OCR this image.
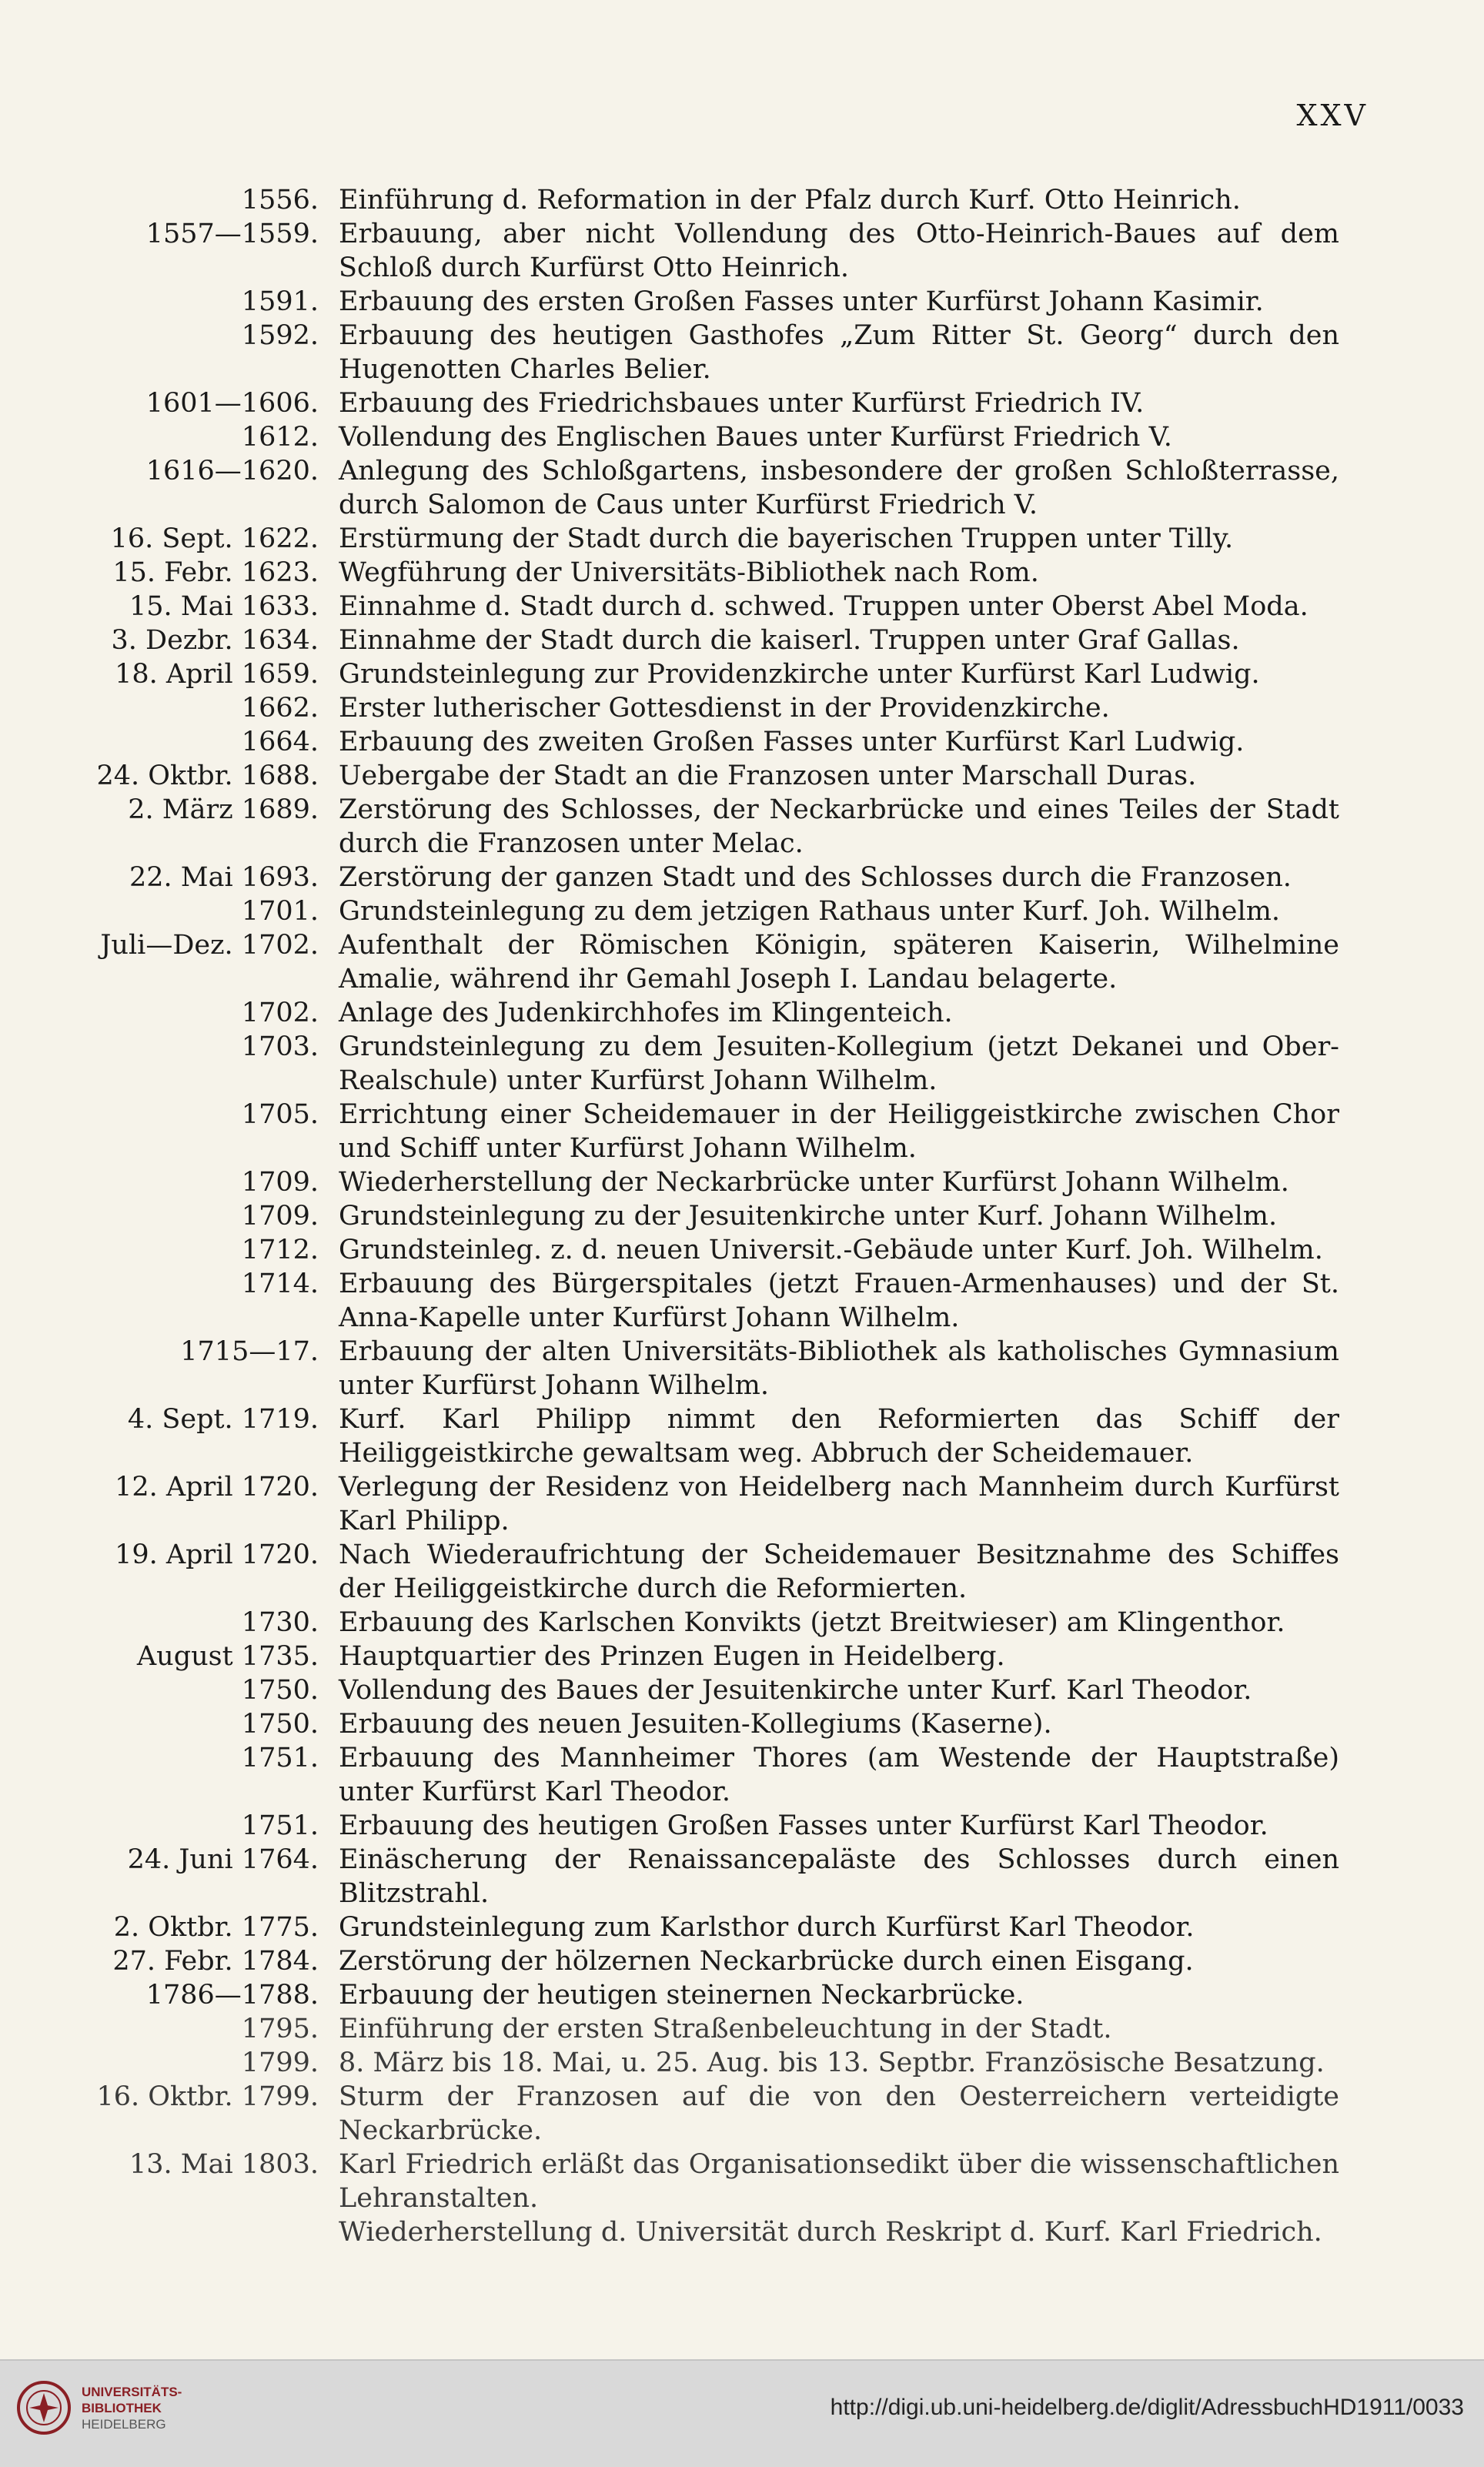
XXV
1556. Einführung d. Reformation in der Pfalz durch Kurf. Otto Heinrich.
1557—1559. Erbauung, aber nicht Vollendung des Otto-Heinrich-Baues auf dem Schloß durch Kurfürst Otto Heinrich.
1591. Erbauung des ersten Großen Fasses unter Kurfürst Johann Kasimir.
1592. Erbauung des heutigen Gasthofes „Zum Ritter St. Georg“ durch den Hugenotten Charles Belier.
1601—1606. Erbauung des Friedrichsbaues unter Kurfürst Friedrich IV.
1612. Vollendung des Englischen Baues unter Kurfürst Friedrich V.
1616—1620. Anlegung des Schloßgartens, insbesondere der großen Schloßterrasse, durch Salomon de Caus unter Kurfürst Friedrich V.
16. Sept. 1622. Erstürmung der Stadt durch die bayerischen Truppen unter Tilly.
15. Febr. 1623. Wegführung der Universitäts-Bibliothek nach Rom.
15. Mai 1633. Einnahme d. Stadt durch d. schwed. Truppen unter Oberst Abel Moda.
3. Dezbr. 1634. Einnahme der Stadt durch die kaiserl. Truppen unter Graf Gallas.
18. April 1659. Grundsteinlegung zur Providenzkirche unter Kurfürst Karl Ludwig.
1662. Erster lutherischer Gottesdienst in der Providenzkirche.
1664. Erbauung des zweiten Großen Fasses unter Kurfürst Karl Ludwig.
24. Oktbr. 1688. Uebergabe der Stadt an die Franzosen unter Marschall Duras.
2. März 1689. Zerstörung des Schlosses, der Neckarbrücke und eines Teiles der Stadt durch die Franzosen unter Melac.
22. Mai 1693. Zerstörung der ganzen Stadt und des Schlosses durch die Franzosen.
1701. Grundsteinlegung zu dem jetzigen Rathaus unter Kurf. Joh. Wilhelm.
Juli—Dez. 1702. Aufenthalt der Römischen Königin, späteren Kaiserin, Wilhelmine Amalie, während ihr Gemahl Joseph I. Landau belagerte.
1702. Anlage des Judenkirchhofes im Klingenteich.
1703. Grundsteinlegung zu dem Jesuiten-Kollegium (jetzt Dekanei und Ober-Realschule) unter Kurfürst Johann Wilhelm.
1705. Errichtung einer Scheidemauer in der Heiliggeistkirche zwischen Chor und Schiff unter Kurfürst Johann Wilhelm.
1709. Wiederherstellung der Neckarbrücke unter Kurfürst Johann Wilhelm.
1709. Grundsteinlegung zu der Jesuitenkirche unter Kurf. Johann Wilhelm.
1712. Grundsteinleg. z. d. neuen Universit.-Gebäude unter Kurf. Joh. Wilhelm.
1714. Erbauung des Bürgerspitales (jetzt Frauen-Armenhauses) und der St. Anna-Kapelle unter Kurfürst Johann Wilhelm.
1715—17. Erbauung der alten Universitäts-Bibliothek als katholisches Gymnasium unter Kurfürst Johann Wilhelm.
4. Sept. 1719. Kurf. Karl Philipp nimmt den Reformierten das Schiff der Heiliggeistkirche gewaltsam weg. Abbruch der Scheidemauer.
12. April 1720. Verlegung der Residenz von Heidelberg nach Mannheim durch Kurfürst Karl Philipp.
19. April 1720. Nach Wiederaufrichtung der Scheidemauer Besitznahme des Schiffes der Heiliggeistkirche durch die Reformierten.
1730. Erbauung des Karlschen Konvikts (jetzt Breitwieser) am Klingenthor.
August 1735. Hauptquartier des Prinzen Eugen in Heidelberg.
1750. Vollendung des Baues der Jesuitenkirche unter Kurf. Karl Theodor.
1750. Erbauung des neuen Jesuiten-Kollegiums (Kaserne).
1751. Erbauung des Mannheimer Thores (am Westende der Hauptstraße) unter Kurfürst Karl Theodor.
1751. Erbauung des heutigen Großen Fasses unter Kurfürst Karl Theodor.
24. Juni 1764. Einäscherung der Renaissancepaläste des Schlosses durch einen Blitzstrahl.
2. Oktbr. 1775. Grundsteinlegung zum Karlsthor durch Kurfürst Karl Theodor.
27. Febr. 1784. Zerstörung der hölzernen Neckarbrücke durch einen Eisgang.
1786—1788. Erbauung der heutigen steinernen Neckarbrücke.
1795. Einführung der ersten Straßenbeleuchtung in der Stadt.
1799. 8. März bis 18. Mai, u. 25. Aug. bis 13. Septbr. Französische Besatzung.
16. Oktbr. 1799. Sturm der Franzosen auf die von den Oesterreichern verteidigte Neckarbrücke.
13. Mai 1803. Karl Friedrich erläßt das Organisationsedikt über die wissenschaftlichen Lehranstalten.
Wiederherstellung d. Universität durch Reskript d. Kurf. Karl Friedrich.
UNIVERSITÄTS-
BIBLIOTHEK
HEIDELBERG
http://digi.ub.uni-heidelberg.de/diglit/AdressbuchHD1911/0033
